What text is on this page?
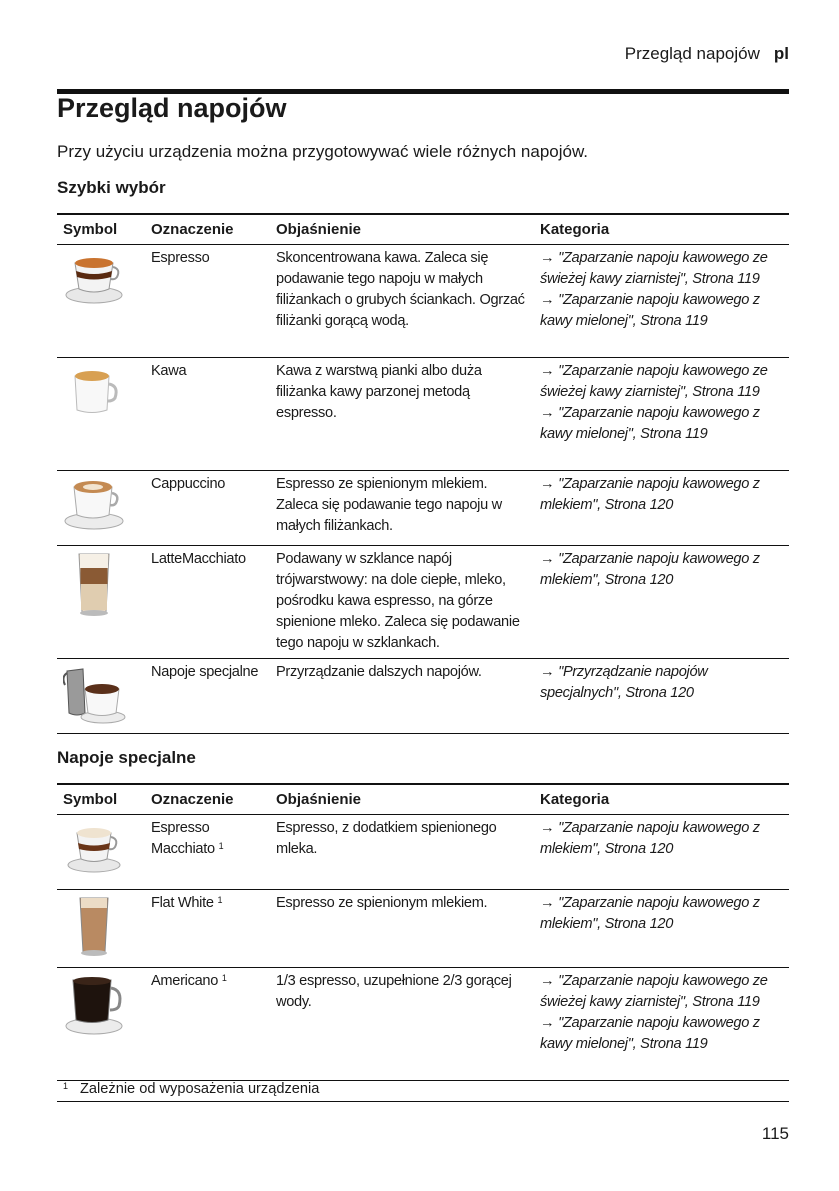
Przegląd napojów pl
Przegląd napojów

Przy użyciu urządzenia można przygotowywać wiele różnych napojów.

Szybki wybór
Symbol	Oznaczenie	Objaśnienie	Kategoria
	Espresso	Skoncentrowana kawa. Zaleca się podawanie tego napoju w małych filiżankach o grubych ściankach. Ogrzać filiżanki gorącą wodą.	→ "Zaparzanie napoju kawowego ze świeżej kawy ziarnistej", Strona 119
→ "Zaparzanie napoju kawowego z kawy mielonej", Strona 119

	Kawa	Kawa z warstwą pianki albo duża filiżanka kawy parzonej metodą espresso.	→ "Zaparzanie napoju kawowego ze świeżej kawy ziarnistej", Strona 119
→ "Zaparzanie napoju kawowego z kawy mielonej", Strona 119

	Cappuccino	Espresso ze spienionym mlekiem. Zaleca się podawanie tego napoju w małych filiżankach.	→ "Zaparzanie napoju kawowego z mlekiem", Strona 120

	LatteMacchiato	Podawany w szklance napój trójwarstwowy: na dole ciepłe, mleko, pośrodku kawa espresso, na górze spienione mleko. Zaleca się podawanie tego napoju w szklankach.	→ "Zaparzanie napoju kawowego z mlekiem", Strona 120

	Napoje specjalne	Przyrządzanie dalszych napojów.	→ "Przyrządzanie napojów specjalnych", Strona 120
Napoje specjalne
Symbol	Oznaczenie	Objaśnienie	Kategoria
	Espresso Macchiato $^1$	Espresso, z dodatkiem spienionego mleka.	→ "Zaparzanie napoju kawowego z mlekiem", Strona 120

	Flat White $^1$	Espresso ze spienionym mlekiem.	→ "Zaparzanie napoju kawowego z mlekiem", Strona 120

	Americano $^1$	1/3 espresso, uzupełnione 2/3 gorącej wody.	→ "Zaparzanie napoju kawowego ze świeżej kawy ziarnistej", Strona 119
→ "Zaparzanie napoju kawowego z kawy mielonej", Strona 119
$^1$ Zależnie od wyposażenia urządzenia
115
